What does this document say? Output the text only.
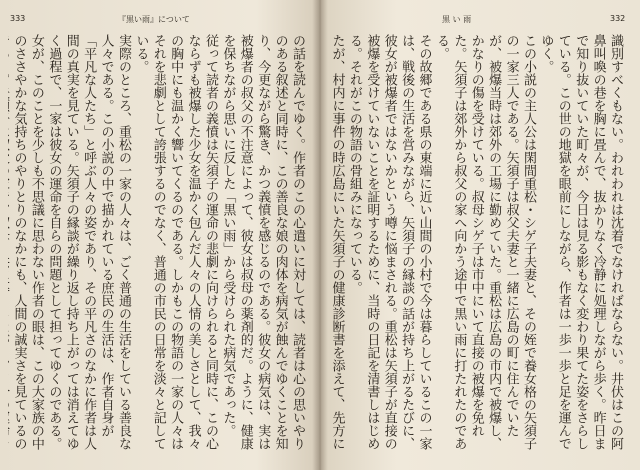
333	『黒い雨』について
の話を読んでゆく。作者のこの心遣いに対しては、読者は心の思いやりのある叙述と同時に、この善良な娘の肉体を病気が蝕んでゆくことを知り、今更ながら驚き、かつ義憤を感じるのである。彼女の病気は、実は被爆者の叔父の不注意によって、彼女は叔母の薬剤的だ。ように、健康を保ちながら思いに反した「黒い雨」から受けられた病気であった。
従って読者の義憤は矢須子の運命の悲劇に向けられると同時に、この心ならずも被爆した少女を温かく包んだ人々の人情の美しさとして、我々の胸中にも温かく響いてくるのである。しかもこの物語の一家の人々はそれを悲劇として誇張するのでなく、普通の市民の日常を淡々と記している。
実際のところ、重松の一家の人々は、ごく普通の生活をしている善良な人々である。この小説の中で描かれている庶民の生活は、作者自身が「平凡な人たち」と呼ぶ人々の姿であり、その平凡さのなかに作者は人間の真実を見ている。矢須子の縁談が繰り返し持ち上がっては消えてゆく過程で、一家は彼女の運命を自らの問題として担ってゆくのである。
女が、このことを少しも不思議に思わない作者の眼は、この大家族の中のささやかな気持ちのやりとりのなかにも、人間の誠実さを見ているの
黒 い 雨	332
識別すべくもない。われわれは沈着でなければならない。井伏はこの阿鼻叫喚の巷を胸に畳んで、抜かりなく冷静に処理しながら歩く。昨日まで知り抜いていた町々が、今日は見る影もなく変わり果てた姿をさらしている。この世の地獄を眼前にしながら、作者は一歩一歩と足を運んでゆく。
この小説の主人公は閑間重松・シゲ子夫妻と、その姪で養女格の矢須子の一家三人である。矢須子は叔父夫妻と一緒に広島の町に住んでいたが、被爆当時は郊外の工場に勤めていた。重松は広島の市内で被爆し、かなりの傷を受けている。叔母シゲ子は市中にいて直接の被爆を免れた。矢須子は郊外から叔父の家へ向かう途中で黒い雨に打たれたのである。
その故郷である県の東端に近い山間の小村で今は暮らしているこの一家は、戦後の生活を営みながら、矢須子の縁談の話が持ち上がるたびに、彼女が被爆者ではないかという噂に悩まされる。重松は矢須子が直接の被爆を受けていないことを証明するために、当時の日記を清書しはじめる。それがこの物語の骨組みになっている。
たが、村内に事件の時広島にいた矢須子の健康診断書を添えて、先方に
